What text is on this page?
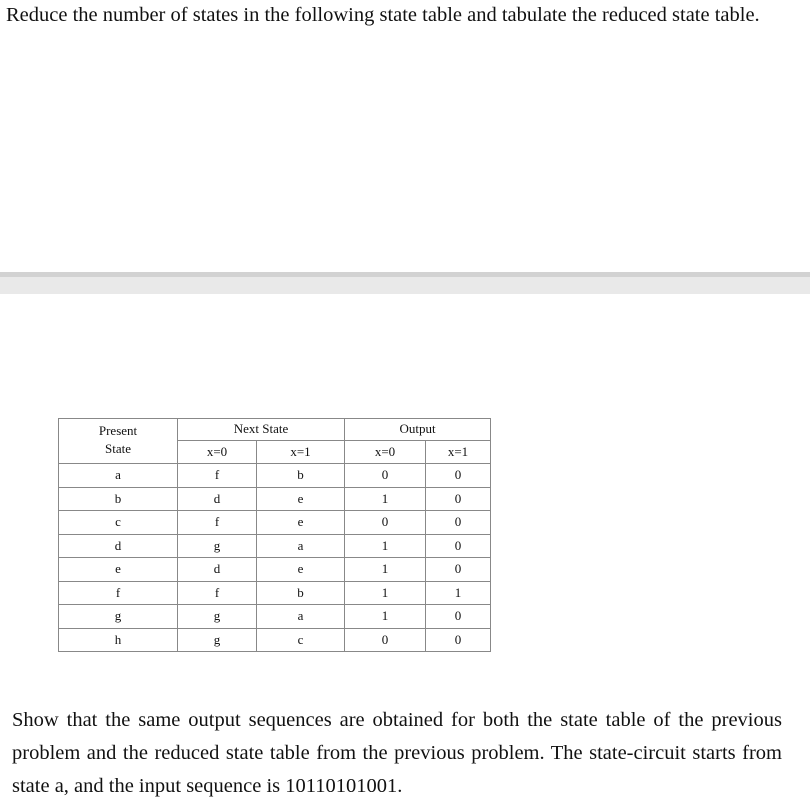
Reduce the number of states in the following state table and tabulate the reduced state table.
Present	Next State		Output	
State	x=0	x=1	x=0	x=1
a	f	b	0	0
b	d	e	1	0
c	f	e	0	0
d	g	a	1	0
e	d	e	1	0
f	f	b	1	1
g	g	a	1	0
h	g	c	0	0
Show that the same output sequences are obtained for both the state table of the previous problem and the reduced state table from the previous problem. The state-circuit starts from state a, and the input sequence is 10110101001.
